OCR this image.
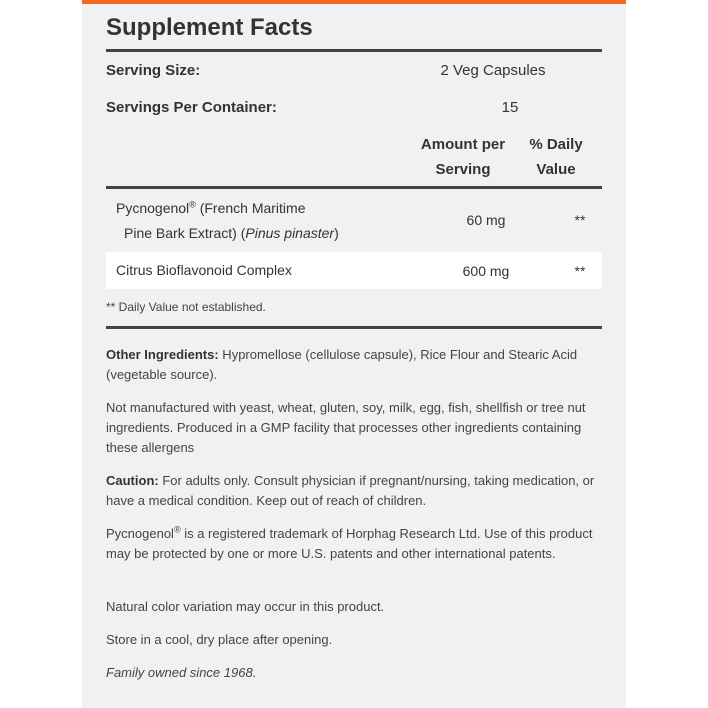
Supplement Facts
Serving Size:	2 Veg Capsules
Servings Per Container:	15
Amount per
Serving
% Daily
Value
Pycnogenol® (French Maritime
Pine Bark Extract) (Pinus pinaster)
60 mg	**
Citrus Bioflavonoid Complex	600 mg	**
** Daily Value not established.

Other Ingredients: Hypromellose (cellulose capsule), Rice Flour and Stearic Acid (vegetable source).

Not manufactured with yeast, wheat, gluten, soy, milk, egg, fish, shellfish or tree nut ingredients. Produced in a GMP facility that processes other ingredients containing these allergens

Caution: For adults only. Consult physician if pregnant/nursing, taking medication, or have a medical condition. Keep out of reach of children.

Pycnogenol® is a registered trademark of Horphag Research Ltd. Use of this product may be protected by one or more U.S. patents and other international patents.

Natural color variation may occur in this product.

Store in a cool, dry place after opening.

Family owned since 1968.
